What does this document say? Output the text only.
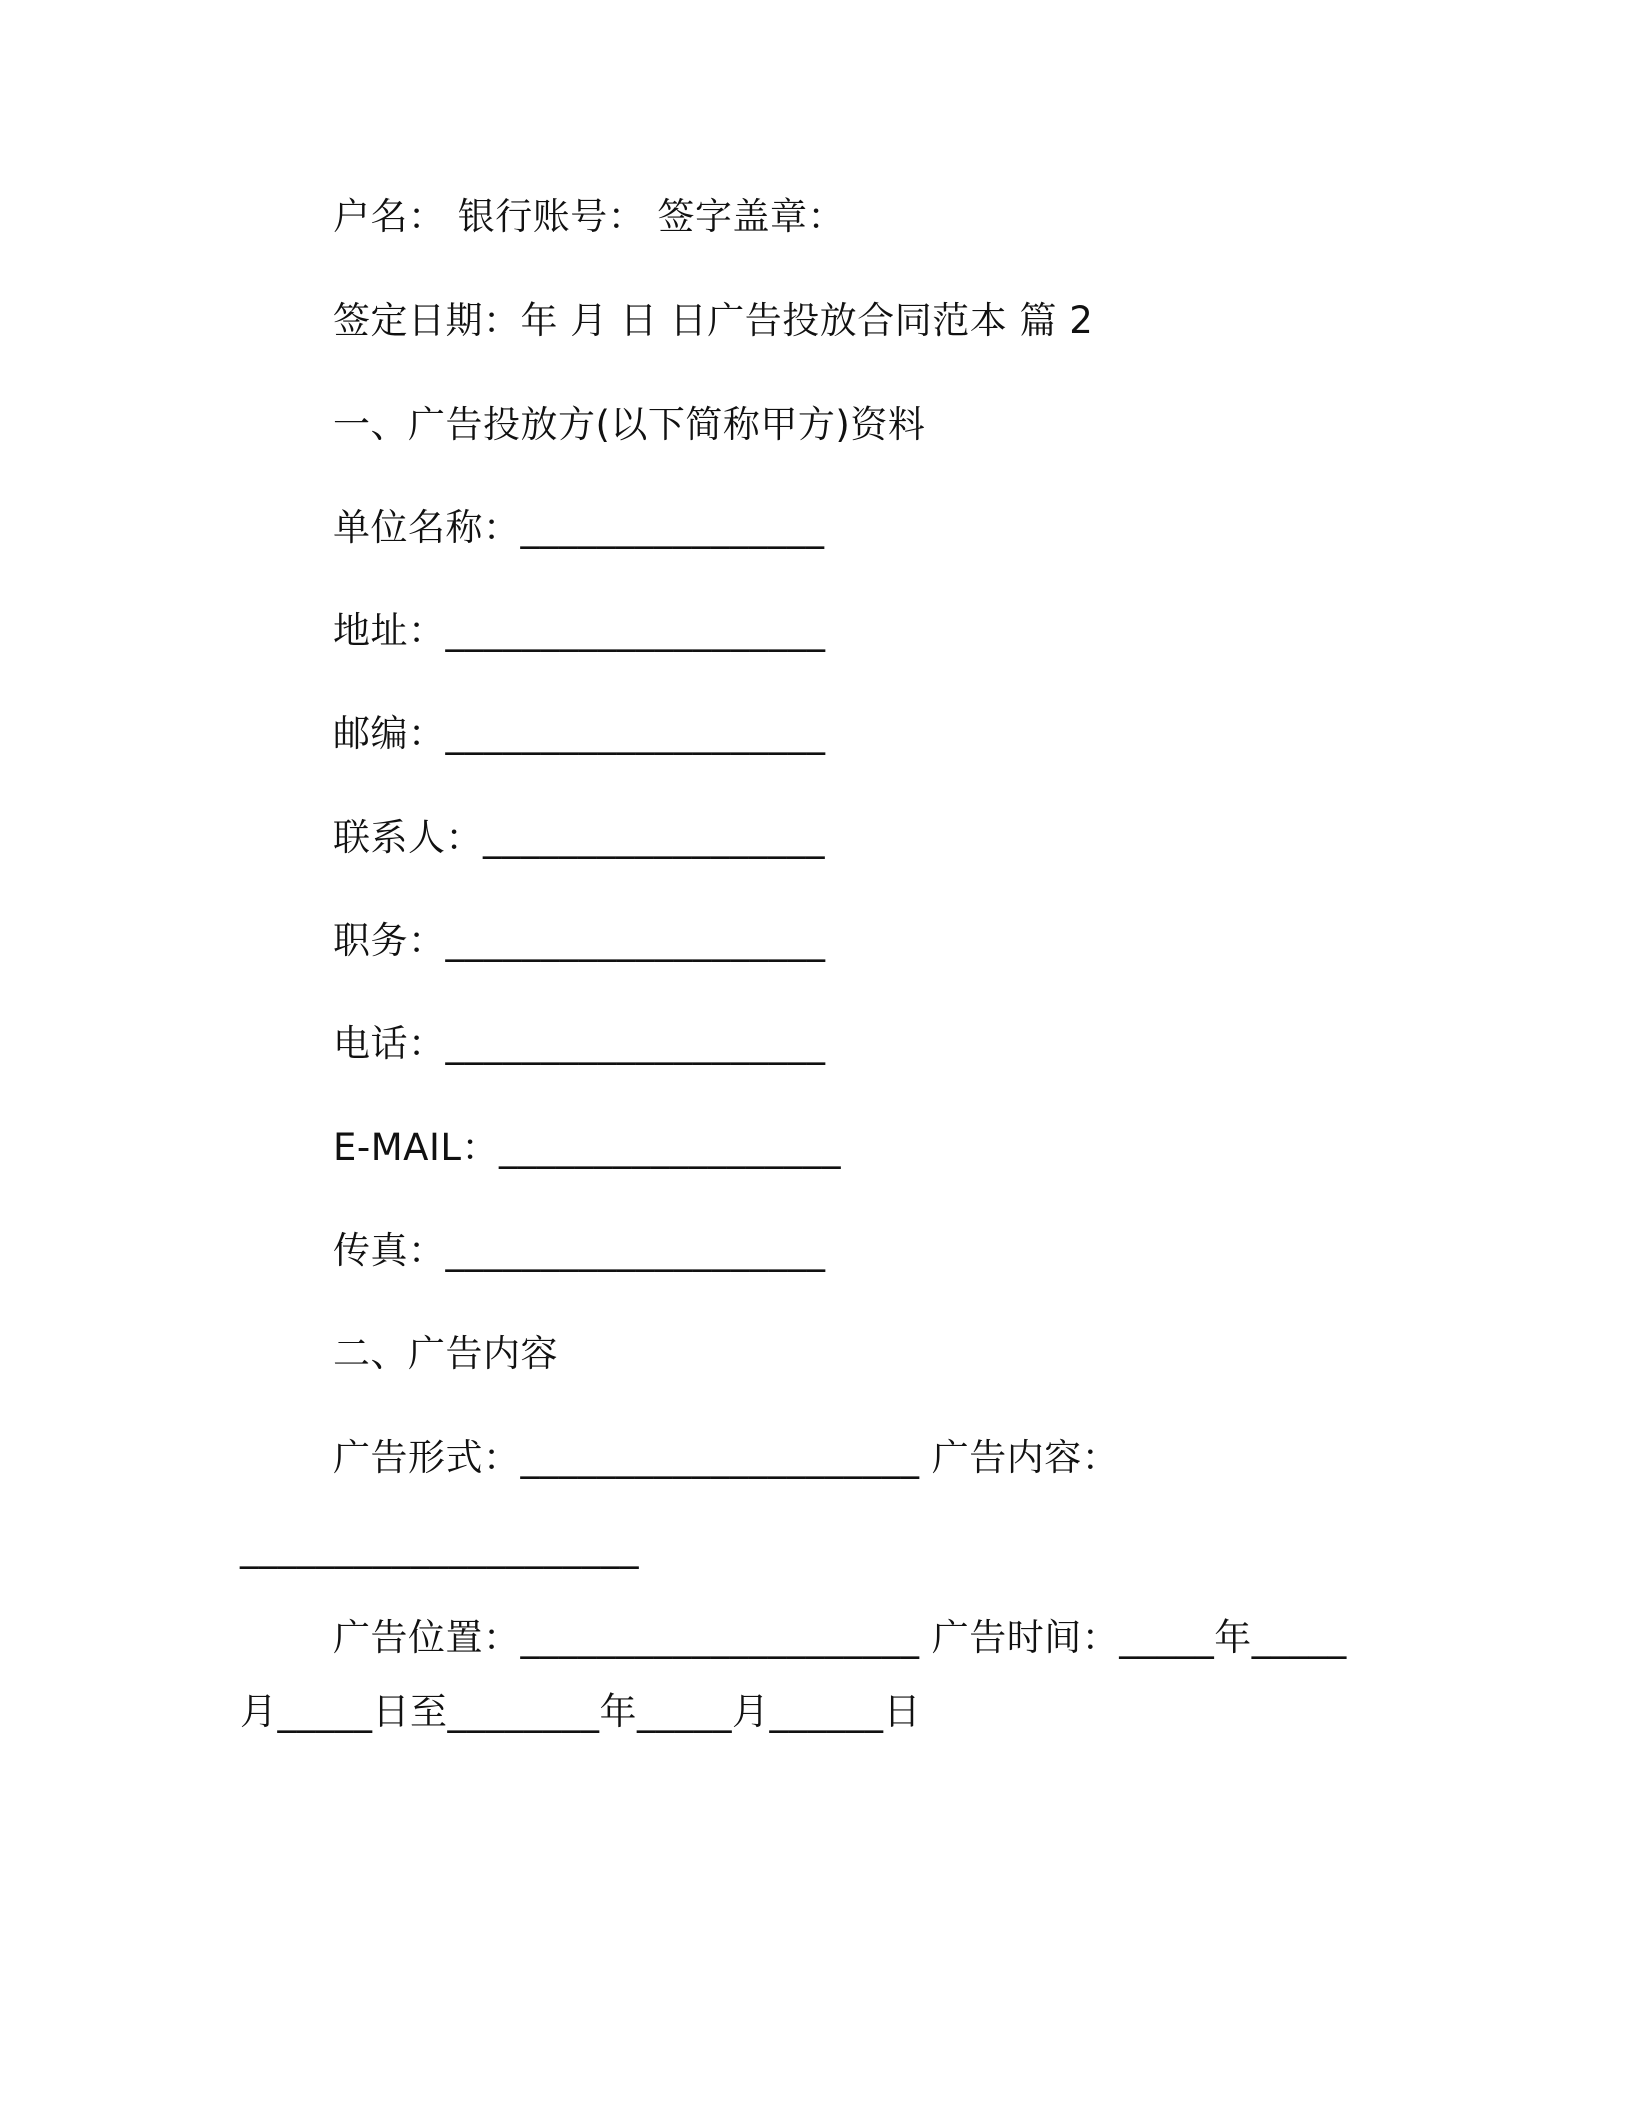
户名： 银行账号： 签字盖章：
签定日期：年 月 日 日广告投放合同范本 篇 2
一、广告投放方(以下简称甲方)资料
单位名称：________________
地址：____________________
邮编：____________________
联系人：__________________
职务：____________________
电话：____________________
E-MAIL：__________________
传真：____________________
二、广告内容
广告形式：_____________________ 广告内容：
_____________________
广告位置：_____________________ 广告时间：_____年_____
月_____日至________年_____月______日
